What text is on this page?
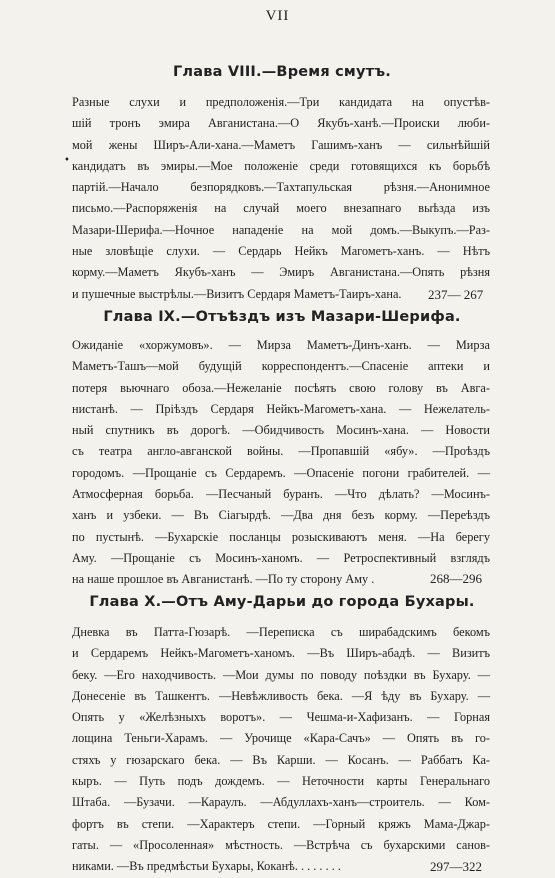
VII
Глава VIII.—Время смутъ.
•
Разные слухи и предположенія.—Три кандидата на опустѣв-
шій тронъ эмира Авганистана.—О Якубъ-ханѣ.—Происки люби-
мой жены Ширъ-Али-хана.—Маметъ Гашимъ-ханъ — сильнѣйшій
кандидатъ въ эмиры.—Мое положеніе среди готовящихся къ борьбѣ
партій.—Начало безпорядковъ.—Тахтапульская рѣзня.—Анонимное
письмо.—Распоряженія на случай моего внезапнаго выѣзда изъ
Мазари-Шерифа.—Ночное нападеніе на мой домъ.—Выкупъ.—Раз-
ные зловѣщіе слухи. — Сердарь Нейкъ Магометъ-ханъ. — Нѣтъ
корму.—Маметъ Якубъ-ханъ — Эмиръ Авганистана.—Опять рѣзня
и пушечные выстрѣлы.—Визитъ Сердаря Маметъ-Таиръ-хана.	237— 267
Глава IX.—Отъѣздъ изъ Мазари-Шерифа.
Ожиданіе «хоржумовъ». — Мирза Маметъ-Динъ-ханъ. — Мирза
Маметъ-Ташъ—мой будущій корреспондентъ.—Спасеніе аптеки и
потеря вьючнаго обоза.—Нежеланіе посѣять свою голову въ Авга-
нистанѣ. — Пріѣздъ Сердаря Нейкъ-Магометъ-хана. — Нежелатель-
ный спутникъ въ дорогѣ. —Обидчивость Мосинъ-хана. — Новости
съ театра англо-авганской войны. —Пропавшій «ябу». —Проѣздъ
городомъ. —Прощаніе съ Сердаремъ. —Опасеніе погони грабителей. —
Атмосферная борьба. —Песчаный буранъ. —Что дѣлать? —Мосинъ-
ханъ и узбеки. — Въ Сіагырдѣ. —Два дня безъ корму. —Переѣздъ
по пустынѣ. —Бухарскіе посланцы розыскиваютъ меня. —На берегу
Аму. —Прощаніе съ Мосинъ-ханомъ. — Ретроспективный взглядъ
на наше прошлое въ Авганистанѣ. —По ту сторону Аму .	268—296
Глава X.—Отъ Аму-Дарьи до города Бухары.
Дневка въ Патта-Гюзарѣ. —Переписка съ ширабадскимъ бекомъ
и Сердаремъ Нейкъ-Магометъ-ханомъ. —Въ Ширъ-абадѣ. — Визитъ
беку. —Его находчивость. —Мои думы по поводу поѣздки въ Бухару. —
Донесеніе въ Ташкентъ. —Невѣжливость бека. —Я ѣду въ Бухару. —
Опять у «Желѣзныхъ воротъ». — Чешма-и-Хафизанъ. — Горная
лощина Теньги-Харамъ. — Урочище «Кара-Сачъ» — Опять въ го-
стяхъ у гюзарскаго бека. — Въ Карши. — Косанъ. — Раббатъ Ка-
кыръ. — Путь подъ дождемъ. — Неточности карты Генеральнаго
Штаба. —Бузачи. —Караулъ. —Абдуллахъ-ханъ—строитель. — Ком-
фортъ въ степи. —Характеръ степи. —Горный кряжъ Мама-Джар-
гаты. — «Просоленная» мѣстность. —Встрѣча съ бухарскими санов-
никами. —Въ предмѣстьи Бухары, Коканѣ. . . . . . . .	297—322
